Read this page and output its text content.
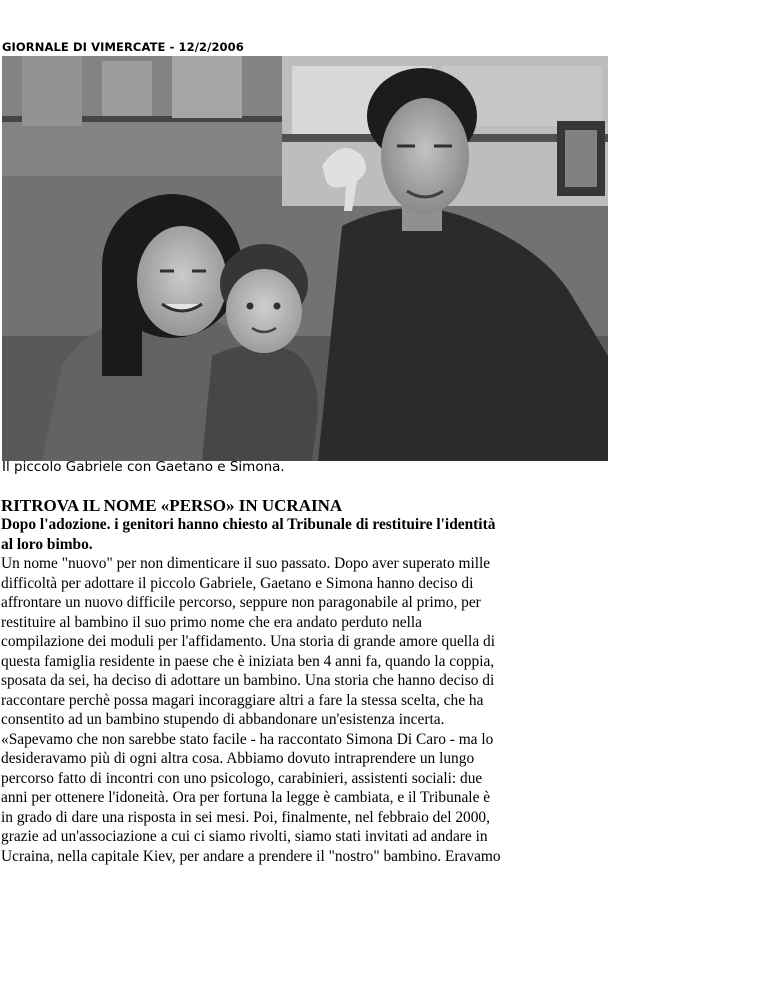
GIORNALE DI VIMERCATE - 12/2/2006
Il piccolo Gabriele con Gaetano e Simona.
RITROVA IL NOME «PERSO» IN UCRAINA
Dopo l'adozione. i genitori hanno chiesto al Tribunale di restituire l'identità
al loro bimbo.
Un nome "nuovo" per non dimenticare il suo passato. Dopo aver superato mille
difficoltà per adottare il piccolo Gabriele, Gaetano e Simona hanno deciso di
affrontare un nuovo difficile percorso, seppure non paragonabile al primo, per
restituire al bambino il suo primo nome che era andato perduto nella
compilazione dei moduli per l'affidamento. Una storia di grande amore quella di
questa famiglia residente in paese che è iniziata ben 4 anni fa, quando la coppia,
sposata da sei, ha deciso di adottare un bambino. Una storia che hanno deciso di
raccontare perchè possa magari incoraggiare altri a fare la stessa scelta, che ha
consentito ad un bambino stupendo di abbandonare un'esistenza incerta.
«Sapevamo che non sarebbe stato facile - ha raccontato Simona Di Caro - ma lo
desideravamo più di ogni altra cosa. Abbiamo dovuto intraprendere un lungo
percorso fatto di incontri con uno psicologo, carabinieri, assistenti sociali: due
anni per ottenere l'idoneità. Ora per fortuna la legge è cambiata, e il Tribunale è
in grado di dare una risposta in sei mesi. Poi, finalmente, nel febbraio del 2000,
grazie ad un'associazione a cui ci siamo rivolti, siamo stati invitati ad andare in
Ucraina, nella capitale Kiev, per andare a prendere il "nostro" bambino. Eravamo
